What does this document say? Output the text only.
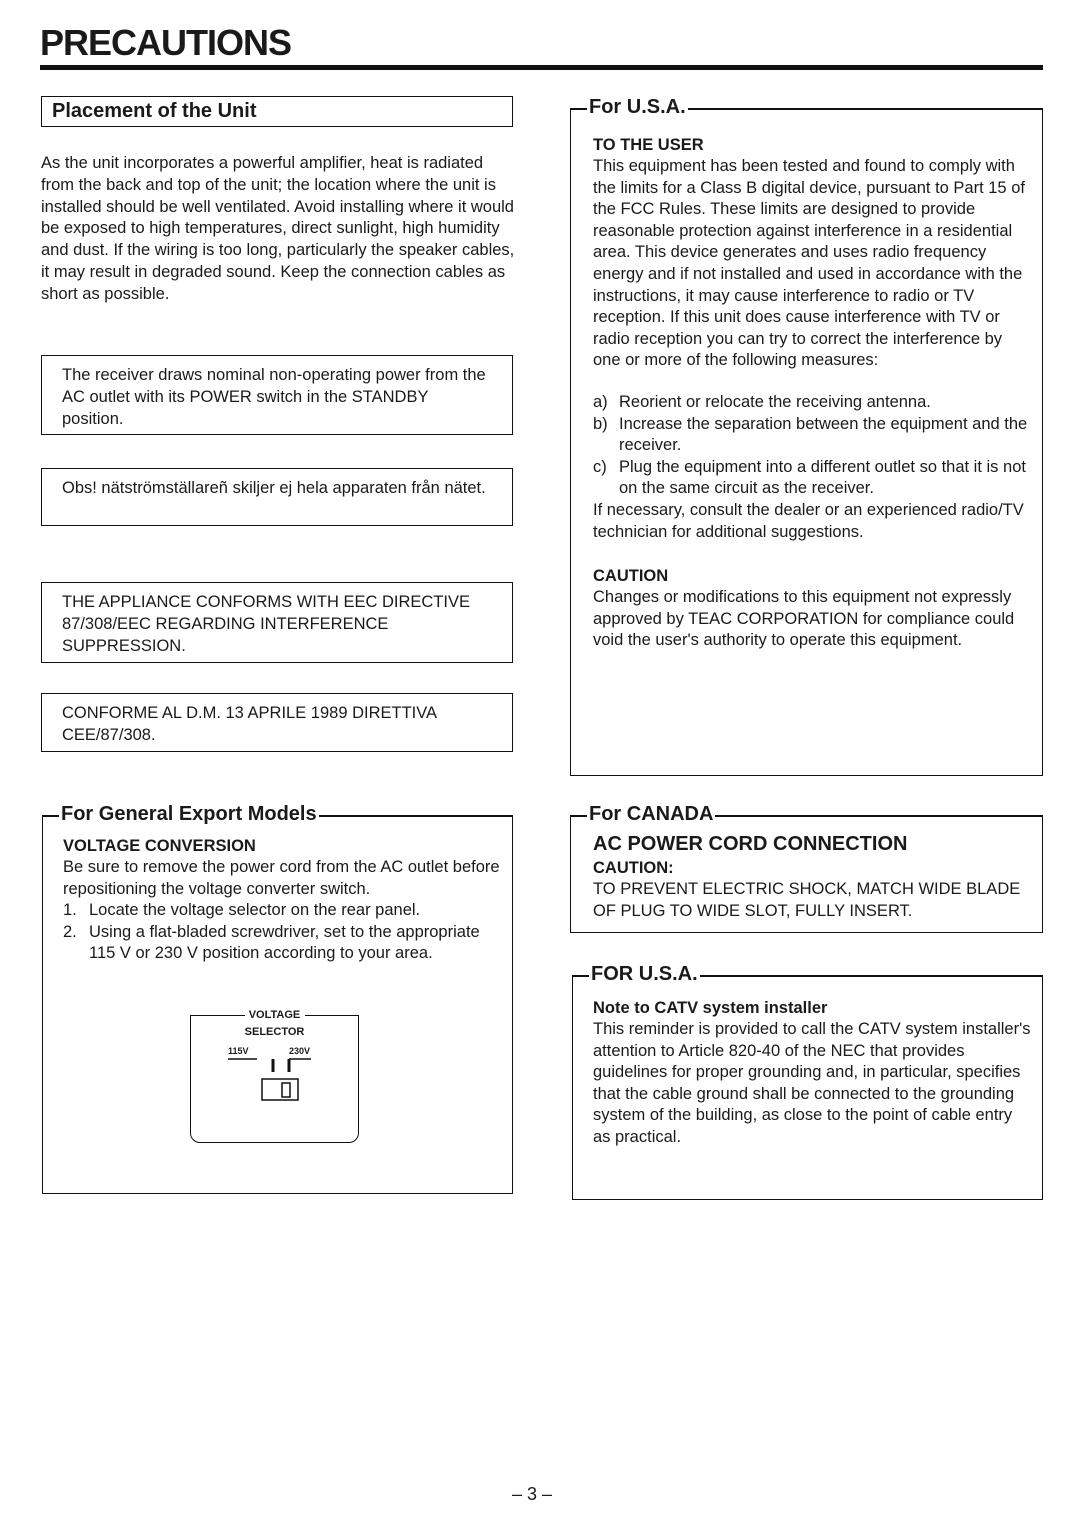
PRECAUTIONS
Placement of the Unit

As the unit incorporates a powerful amplifier, heat is radiated from the back and top of the unit; the location where the unit is installed should be well ventilated. Avoid installing where it would be exposed to high temperatures, direct sunlight, high humidity and dust. If the wiring is too long, particularly the speaker cables, it may result in degraded sound. Keep the connection cables as short as possible.

The receiver draws nominal non-operating power from the AC outlet with its POWER switch in the STANDBY position.
Obs! nätströmställareñ skiljer ej hela apparaten från nätet.
THE APPLIANCE CONFORMS WITH EEC DIRECTIVE 87/308/EEC REGARDING INTERFERENCE SUPPRESSION.
CONFORME AL D.M. 13 APRILE 1989 DIRETTIVA CEE/87/308.
For General Export Models

VOLTAGE CONVERSION

Be sure to remove the power cord from the AC outlet before repositioning the voltage converter switch.

1. Locate the voltage selector on the rear panel.
2. Using a flat-bladed screwdriver, set to the appropriate 115 V or 230 V position according to your area.
VOLTAGE
SELECTOR
115V	230V
For U.S.A.

TO THE USER

This equipment has been tested and found to comply with the limits for a Class B digital device, pursuant to Part 15 of the FCC Rules. These limits are designed to provide reasonable protection against interference in a residential area. This device generates and uses radio frequency energy and if not installed and used in accordance with the instructions, it may cause interference to radio or TV reception. If this unit does cause interference with TV or radio reception you can try to correct the interference by one or more of the following measures:

a) Reorient or relocate the receiving antenna.
b) Increase the separation between the equipment and the receiver.
c) Plug the equipment into a different outlet so that it is not on the same circuit as the receiver.

If necessary, consult the dealer or an experienced radio/TV technician for additional suggestions.

CAUTION

Changes or modifications to this equipment not expressly approved by TEAC CORPORATION for compliance could void the user's authority to operate this equipment.

For CANADA

AC POWER CORD CONNECTION

CAUTION:

TO PREVENT ELECTRIC SHOCK, MATCH WIDE BLADE OF PLUG TO WIDE SLOT, FULLY INSERT.

FOR U.S.A.

Note to CATV system installer

This reminder is provided to call the CATV system installer's attention to Article 820-40 of the NEC that provides guidelines for proper grounding and, in particular, specifies that the cable ground shall be connected to the grounding system of the building, as close to the point of cable entry as practical.

– 3 –
